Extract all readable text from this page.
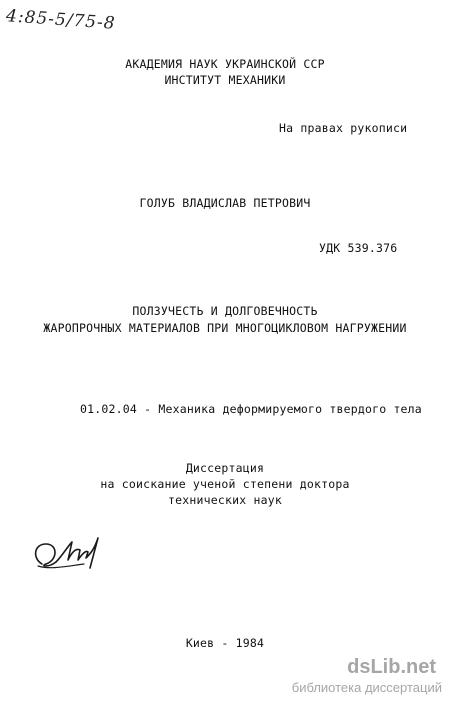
4:85-5/75-8
АКАДЕМИЯ НАУК УКРАИНСКОЙ ССР
ИНСТИТУТ МЕХАНИКИ
На правах рукописи
ГОЛУБ ВЛАДИСЛАВ ПЕТРОВИЧ
УДК 539.376
ПОЛЗУЧЕСТЬ И ДОЛГОВЕЧНОСТЬ
ЖАРОПРОЧНЫХ МАТЕРИАЛОВ ПРИ МНОГОЦИКЛОВОМ НАГРУЖЕНИИ
01.02.04 - Механика деформируемого твердого тела
Диссертация
на соискание ученой степени доктора
технических наук
Киев - 1984
dsLib.net
библиотека диссертаций
